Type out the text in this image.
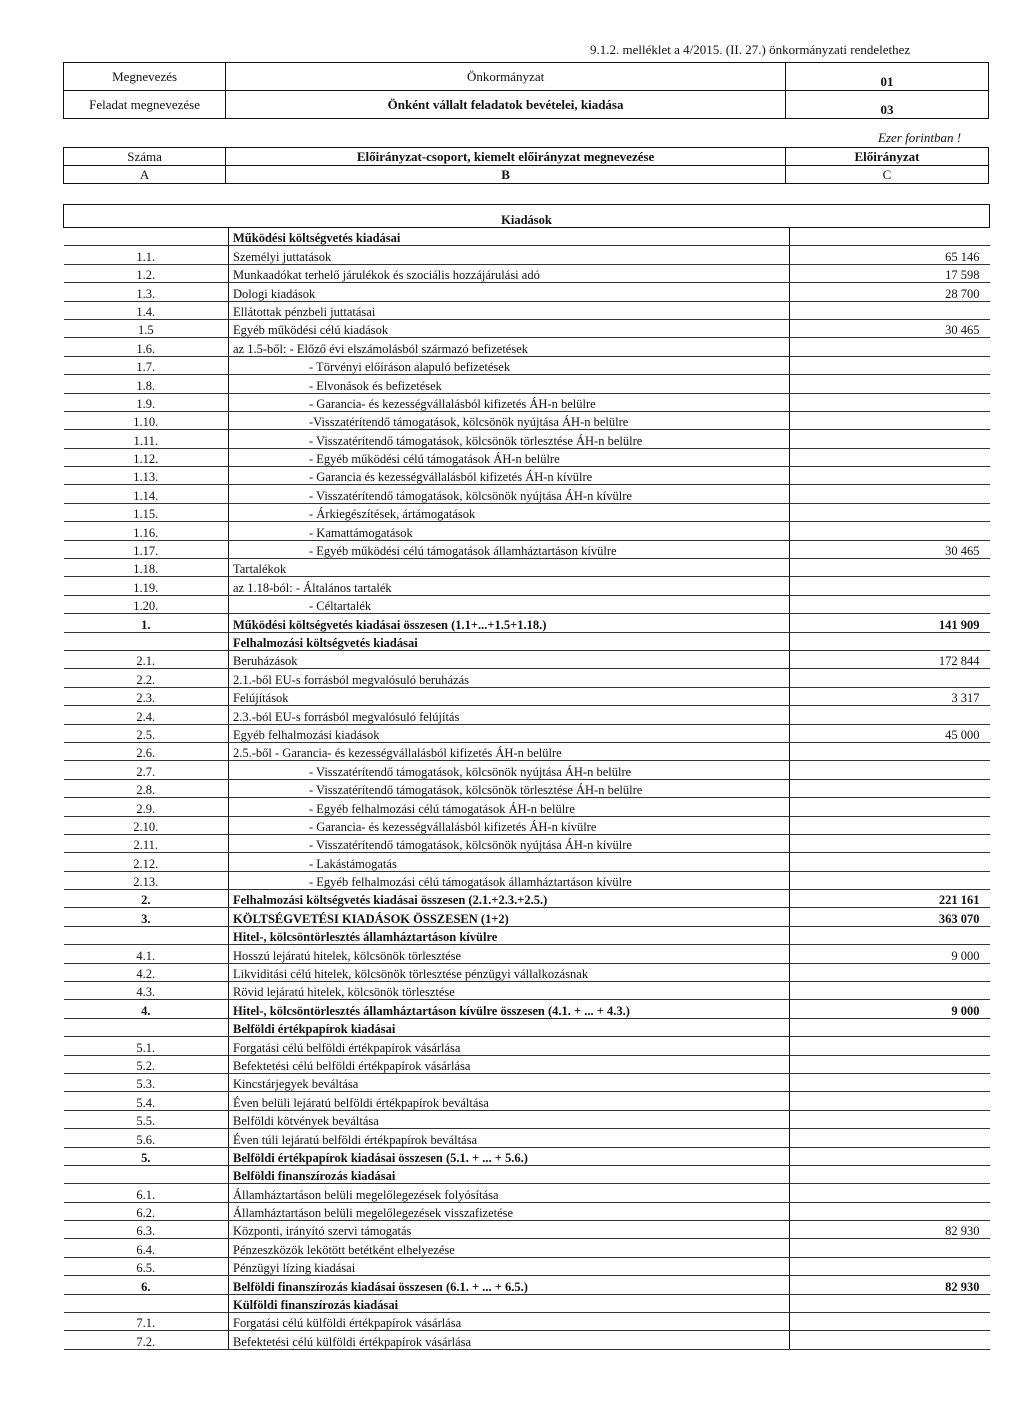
9.1.2. melléklet a 4/2015. (II. 27.) önkormányzati rendelethez
Megnevezés	Önkormányzat	01
Feladat megnevezése	Önként vállalt feladatok bevételei, kiadása	03
Ezer forintban !
Száma	Előirányzat-csoport, kiemelt előirányzat megnevezése	Előirányzat
A	B	C
Kiadások		
	Működési költségvetés kiadásai	
1.1.	Személyi juttatások	65 146
1.2.	Munkaadókat terhelő járulékok és szociális hozzájárulási adó	17 598
1.3.	Dologi kiadások	28 700
1.4.	Ellátottak pénzbeli juttatásai	
1.5	Egyéb működési célú kiadások	30 465
1.6.	az 1.5-ből: - Előző évi elszámolásból származó befizetések	
1.7.	- Törvényi előíráson alapuló befizetések	
1.8.	- Elvonások és befizetések	
1.9.	- Garancia- és kezességvállalásból kifizetés ÁH-n belülre	
1.10.	-Visszatérítendő támogatások, kölcsönök nyújtása ÁH-n belülre	
1.11.	- Visszatérítendő támogatások, kölcsönök törlesztése ÁH-n belülre	
1.12.	- Egyéb működési célú támogatások ÁH-n belülre	
1.13.	- Garancia és kezességvállalásból kifizetés ÁH-n kívülre	
1.14.	- Visszatérítendő támogatások, kölcsönök nyújtása ÁH-n kívülre	
1.15.	- Árkiegészítések, ártámogatások	
1.16.	- Kamattámogatások	
1.17.	- Egyéb működési célú támogatások államháztartáson kívülre	30 465
1.18.	Tartalékok	
1.19.	az 1.18-ból: - Általános tartalék	
1.20.	- Céltartalék	
1.	Működési költségvetés kiadásai összesen (1.1+...+1.5+1.18.)	141 909
	Felhalmozási költségvetés kiadásai	
2.1.	Beruházások	172 844
2.2.	2.1.-ből EU-s forrásból megvalósuló beruházás	
2.3.	Felújítások	3 317
2.4.	2.3.-ból EU-s forrásból megvalósuló felújítás	
2.5.	Egyéb felhalmozási kiadások	45 000
2.6.	2.5.-ből - Garancia- és kezességvállalásból kifizetés ÁH-n belülre	
2.7.	- Visszatérítendő támogatások, kölcsönök nyújtása ÁH-n belülre	
2.8.	- Visszatérítendő támogatások, kölcsönök törlesztése ÁH-n belülre	
2.9.	- Egyéb felhalmozási célú támogatások ÁH-n belülre	
2.10.	- Garancia- és kezességvállalásból kifizetés ÁH-n kívülre	
2.11.	- Visszatérítendő támogatások, kölcsönök nyújtása ÁH-n kívülre	
2.12.	- Lakástámogatás	
2.13.	- Egyéb felhalmozási célú támogatások államháztartáson kívülre	
2.	Felhalmozási költségvetés kiadásai összesen (2.1.+2.3.+2.5.)	221 161
3.	KÖLTSÉGVETÉSI KIADÁSOK ÖSSZESEN (1+2)	363 070
	Hitel-, kölcsöntörlesztés államháztartáson kívülre	
4.1.	Hosszú lejáratú hitelek, kölcsönök törlesztése	9 000
4.2.	Likviditási célú hitelek, kölcsönök törlesztése pénzügyi vállalkozásnak	
4.3.	Rövid lejáratú hitelek, kölcsönök törlesztése	
4.	Hitel-, kölcsöntörlesztés államháztartáson kívülre összesen (4.1. + ... + 4.3.)	9 000
	Belföldi értékpapírok kiadásai	
5.1.	Forgatási célú belföldi értékpapírok vásárlása	
5.2.	Befektetési célú belföldi értékpapírok vásárlása	
5.3.	Kincstárjegyek beváltása	
5.4.	Éven belüli lejáratú belföldi értékpapírok beváltása	
5.5.	Belföldi kötvények beváltása	
5.6.	Éven túli lejáratú belföldi értékpapírok beváltása	
5.	Belföldi értékpapírok kiadásai összesen (5.1. + ... + 5.6.)	
	Belföldi finanszírozás kiadásai	
6.1.	Államháztartáson belüli megelőlegezések folyósítása	
6.2.	Államháztartáson belüli megelőlegezések visszafizetése	
6.3.	Központi, irányító szervi támogatás	82 930
6.4.	Pénzeszközök lekötött betétként elhelyezése	
6.5.	Pénzügyi lízing kiadásai	
6.	Belföldi finanszírozás kiadásai összesen (6.1. + ... + 6.5.)	82 930
	Külföldi finanszírozás kiadásai	
7.1.	Forgatási célú külföldi értékpapírok vásárlása	
7.2.	Befektetési célú külföldi értékpapírok vásárlása	
